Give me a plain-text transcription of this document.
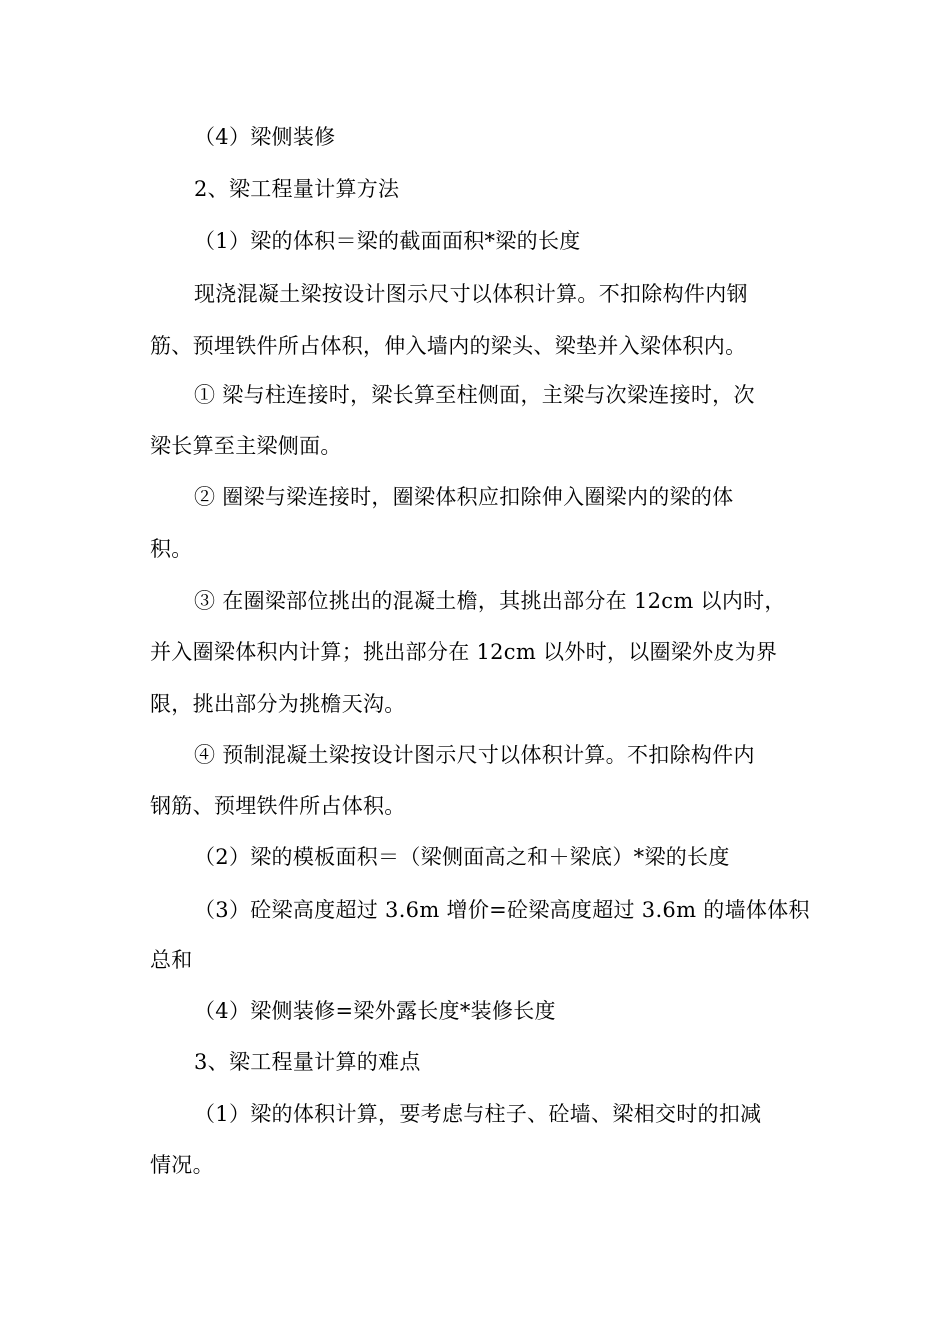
（4）梁侧装修
2、梁工程量计算方法
（1）梁的体积＝梁的截面面积*梁的长度
现浇混凝土梁按设计图示尺寸以体积计算。不扣除构件内钢
筋、预埋铁件所占体积，伸入墙内的梁头、梁垫并入梁体积内。
① 梁与柱连接时，梁长算至柱侧面，主梁与次梁连接时，次
梁长算至主梁侧面。
② 圈梁与梁连接时，圈梁体积应扣除伸入圈梁内的梁的体
积。
③ 在圈梁部位挑出的混凝土檐，其挑出部分在 12cm 以内时，
并入圈梁体积内计算；挑出部分在 12cm 以外时，以圈梁外皮为界
限，挑出部分为挑檐天沟。
④ 预制混凝土梁按设计图示尺寸以体积计算。不扣除构件内
钢筋、预埋铁件所占体积。
（2）梁的模板面积＝（梁侧面高之和＋梁底）*梁的长度
（3）砼梁高度超过 3.6m 增价=砼梁高度超过 3.6m 的墙体体积
总和
（4）梁侧装修=梁外露长度*装修长度
3、梁工程量计算的难点
（1）梁的体积计算，要考虑与柱子、砼墙、梁相交时的扣减
情况。
